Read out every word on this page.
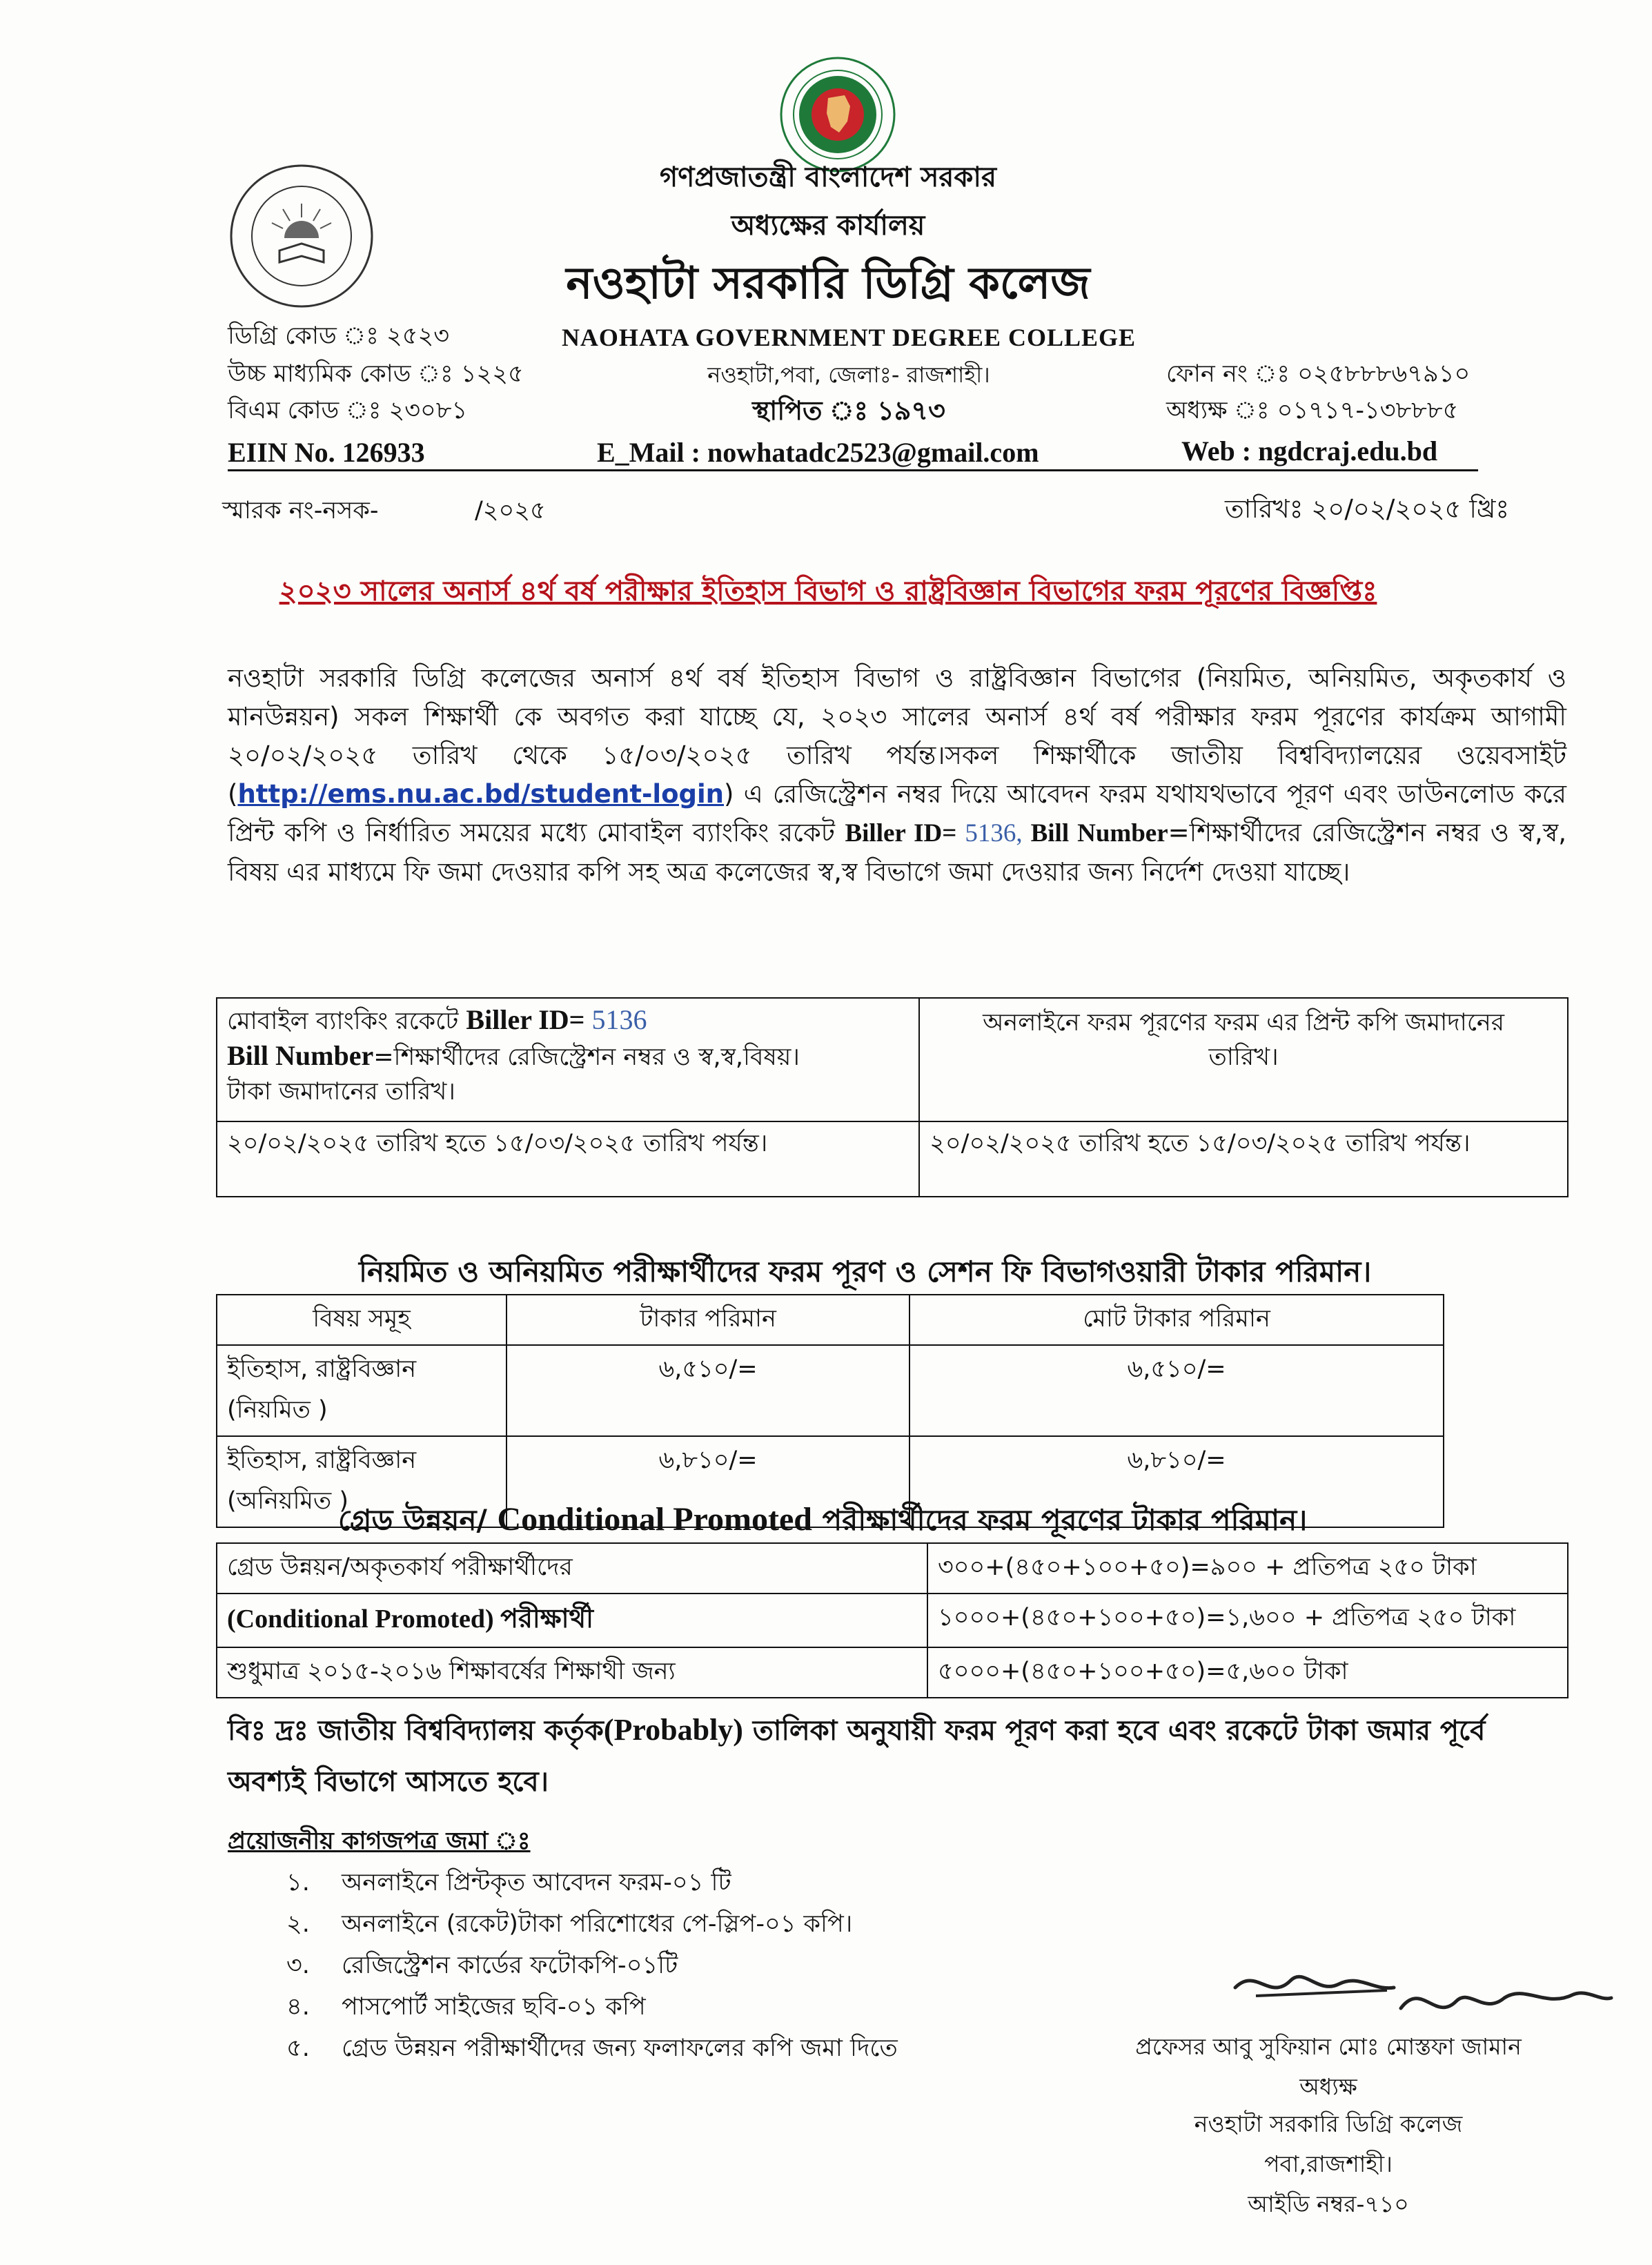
গণপ্রজাতন্ত্রী বাংলাদেশ সরকার
অধ্যক্ষের কার্যালয়
নওহাটা সরকারি ডিগ্রি কলেজ
ডিগ্রি কোড ঃ ২৫২৩
উচ্চ মাধ্যমিক কোড ঃ ১২২৫
বিএম কোড ঃ ২৩০৮১
EIIN No. 126933
NAOHATA GOVERNMENT DEGREE COLLEGE
নওহাটা,পবা, জেলাঃ- রাজশাহী।
স্থাপিত ঃ ১৯৭৩
E_Mail : nowhatadc2523@gmail.com
ফোন নং ঃ ০২৫৮৮৮৬৭৯১০
অধ্যক্ষ ঃ ০১৭১৭-১৩৮৮৮৫
Web : ngdcraj.edu.bd
স্মারক নং-নসক-	/২০২৫	তারিখঃ ২০/০২/২০২৫ খ্রিঃ
২০২৩ সালের অনার্স ৪র্থ বর্ষ পরীক্ষার ইতিহাস বিভাগ ও রাষ্ট্রবিজ্ঞান বিভাগের ফরম পূরণের বিজ্ঞপ্তিঃ
নওহাটা সরকারি ডিগ্রি কলেজের অনার্স ৪র্থ বর্ষ ইতিহাস বিভাগ ও রাষ্ট্রবিজ্ঞান বিভাগের (নিয়মিত, অনিয়মিত, অকৃতকার্য ও মানউন্নয়ন) সকল শিক্ষার্থী কে অবগত করা যাচ্ছে যে, ২০২৩ সালের অনার্স ৪র্থ বর্ষ পরীক্ষার ফরম পূরণের কার্যক্রম আগামী ২০/০২/২০২৫ তারিখ থেকে ১৫/০৩/২০২৫ তারিখ পর্যন্ত।সকল শিক্ষার্থীকে জাতীয় বিশ্ববিদ্যালয়ের ওয়েবসাইট (http://ems.nu.ac.bd/student-login) এ রেজিস্ট্রেশন নম্বর দিয়ে আবেদন ফরম যথাযথভাবে পূরণ এবং ডাউনলোড করে প্রিন্ট কপি ও নির্ধারিত সময়ের মধ্যে মোবাইল ব্যাংকিং রকেট Biller ID= 5136, Bill Number=শিক্ষার্থীদের রেজিস্ট্রেশন নম্বর ও স্ব,স্ব, বিষয় এর মাধ্যমে ফি জমা দেওয়ার কপি সহ অত্র কলেজের স্ব,স্ব বিভাগে জমা দেওয়ার জন্য নির্দেশ দেওয়া যাচ্ছে।
মোবাইল ব্যাংকিং রকেটে Biller ID= 5136
Bill Number=শিক্ষার্থীদের রেজিস্ট্রেশন নম্বর ও স্ব,স্ব,বিষয়।
টাকা জমাদানের তারিখ।	অনলাইনে ফরম পূরণের ফরম এর প্রিন্ট কপি জমাদানের তারিখ।
২০/০২/২০২৫ তারিখ হতে ১৫/০৩/২০২৫ তারিখ পর্যন্ত।	২০/০২/২০২৫ তারিখ হতে ১৫/০৩/২০২৫ তারিখ পর্যন্ত।
নিয়মিত ও অনিয়মিত পরীক্ষার্থীদের ফরম পূরণ ও সেশন ফি বিভাগওয়ারী টাকার পরিমান।
বিষয় সমূহ	টাকার পরিমান	মোট টাকার পরিমান
ইতিহাস, রাষ্ট্রবিজ্ঞান (নিয়মিত )	৬,৫১০/=	৬,৫১০/=
ইতিহাস, রাষ্ট্রবিজ্ঞান (অনিয়মিত )	৬,৮১০/=	৬,৮১০/=
গ্রেড উন্নয়ন/ Conditional Promoted পরীক্ষার্থীদের ফরম পূরণের টাকার পরিমান।
গ্রেড উন্নয়ন/অকৃতকার্য পরীক্ষার্থীদের	৩০০+(৪৫০+১০০+৫০)=৯০০ + প্রতিপত্র ২৫০ টাকা
(Conditional Promoted) পরীক্ষার্থী	১০০০+(৪৫০+১০০+৫০)=১,৬০০ + প্রতিপত্র ২৫০ টাকা
শুধুমাত্র ২০১৫-২০১৬ শিক্ষাবর্ষের শিক্ষাথী জন্য	৫০০০+(৪৫০+১০০+৫০)=৫,৬০০ টাকা
বিঃ দ্রঃ জাতীয় বিশ্ববিদ্যালয় কর্তৃক(Probably) তালিকা অনুযায়ী ফরম পূরণ করা হবে এবং রকেটে টাকা জমার পূর্বে অবশ্যই বিভাগে আসতে হবে।
প্রয়োজনীয় কাগজপত্র জমা ঃ
১. অনলাইনে প্রিন্টকৃত আবেদন ফরম-০১ টি
২. অনলাইনে (রকেট)টাকা পরিশোধের পে-স্লিপ-০১ কপি।
৩. রেজিস্ট্রেশন কার্ডের ফটোকপি-০১টি
৪. পাসপোর্ট সাইজের ছবি-০১ কপি
৫. গ্রেড উন্নয়ন পরীক্ষার্থীদের জন্য ফলাফলের কপি জমা দিতে	প্রফেসর আবু সুফিয়ান মোঃ মোস্তফা জামান
অধ্যক্ষ
নওহাটা সরকারি ডিগ্রি কলেজ
পবা,রাজশাহী।
আইডি নম্বর-৭১০
